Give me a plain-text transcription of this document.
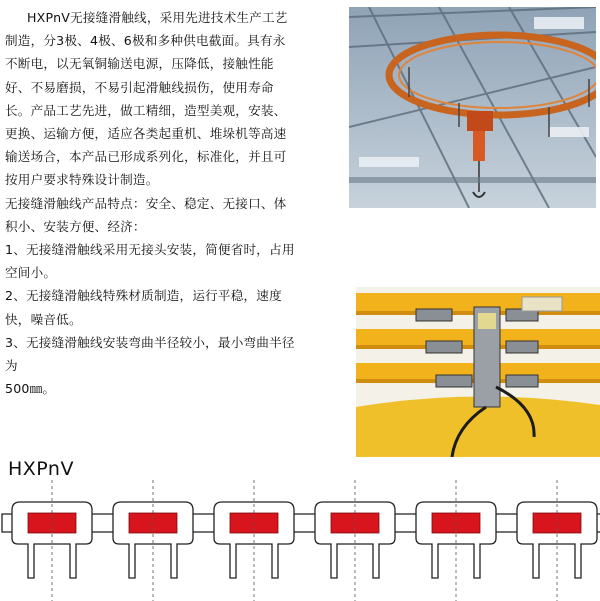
HXPnV无接缝滑触线，采用先进技术生产工艺制造，分3极、4极、6极和多种供电截面。具有永不断电，以无氧铜输送电源，压降低，接触性能好、不易磨损，不易引起滑触线损伤，使用寿命长。产品工艺先进，做工精细，造型美观，安装、更换、运输方便，适应各类起重机、堆垛机等高速输送场合，本产品已形成系列化，标准化，并且可按用户要求特殊设计制造。

无接缝滑触线产品特点：安全、稳定、无接口、体积小、安装方便、经济：

1、无接缝滑触线采用无接头安装，简便省时，占用空间小。

2、无接缝滑触线特殊材质制造，运行平稳，速度快，噪音低。

3、无接缝滑触线安装弯曲半径较小，最小弯曲半径为

500㎜。

HXPnV
